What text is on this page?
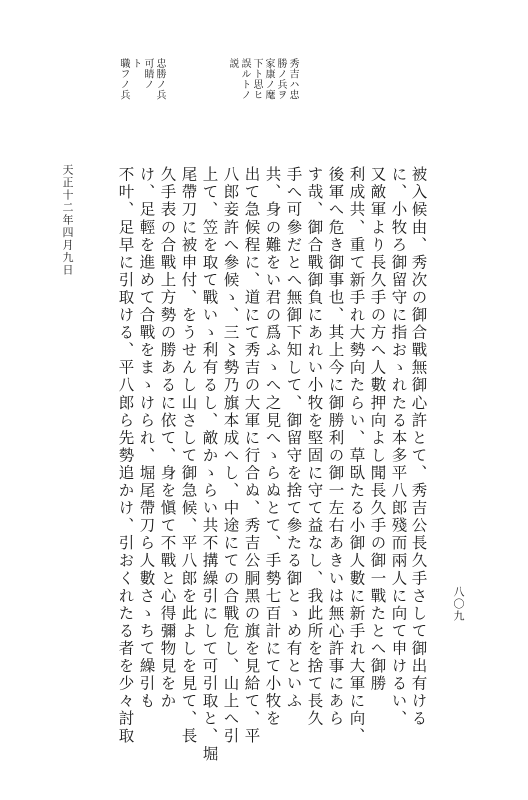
八〇九
秀吉ハ忠
勝ノ兵ヲ
家康ノ麾
下ト思ヒ
誤ルトノ
説
忠勝ノ兵
可睛ノ
ト
職フノ兵
被入候由、秀次の御合戰無御心許とて、秀吉公長久手さして御出有ける
に、小牧ろ御留守に指おゝれたる本多平八郎殘而兩人に向て申けるい、
又敵軍より長久手の方へ人數押向よし聞長久手の御一戰たとへ御勝
利成共、重て新手れ大勢向たらい、草臥たる小御人數に新手れ大軍に向、
後軍へ危き御事也、其上今に御勝利の御一左右あきいは無心許事にあら
す哉、御合戰御負にあれい小牧を堅固に守て益なし、我此所を捨て長久
手へ可參だとへ無御下知して、御留守を捨て參たる御とゝめ有といふ
共、身の難をい君の爲ふゝへ之見へゝらぬとて、手勢七百計にて小牧を
出て急候程に、道にて秀吉の大軍に行合ぬ、秀吉公胴黑の旗を見給て、平
八郎妾許へ參候ゝ、三〻勢乃旗本成へし、中途にての合戰危し、山上へ引
上て、笠を取て戰いゝ利有るし、敵かゝらい共不搆繰引にして可引取と、堀
尾帶刀に被申付、をうせんし山さして御急候、平八郎を此よしを見て、長
久手表の合戰上方勢の勝あるに依て、身を愼て不戰と心得彌物見をか
け、足輕を進めて合戰をまゝけられ、堀尾帶刀ら人數さゝちて繰引も
不叶、足早に引取ける、平八郎ら先勢追かけ、引おくれたる者を少々討取
天正十二年四月九日
